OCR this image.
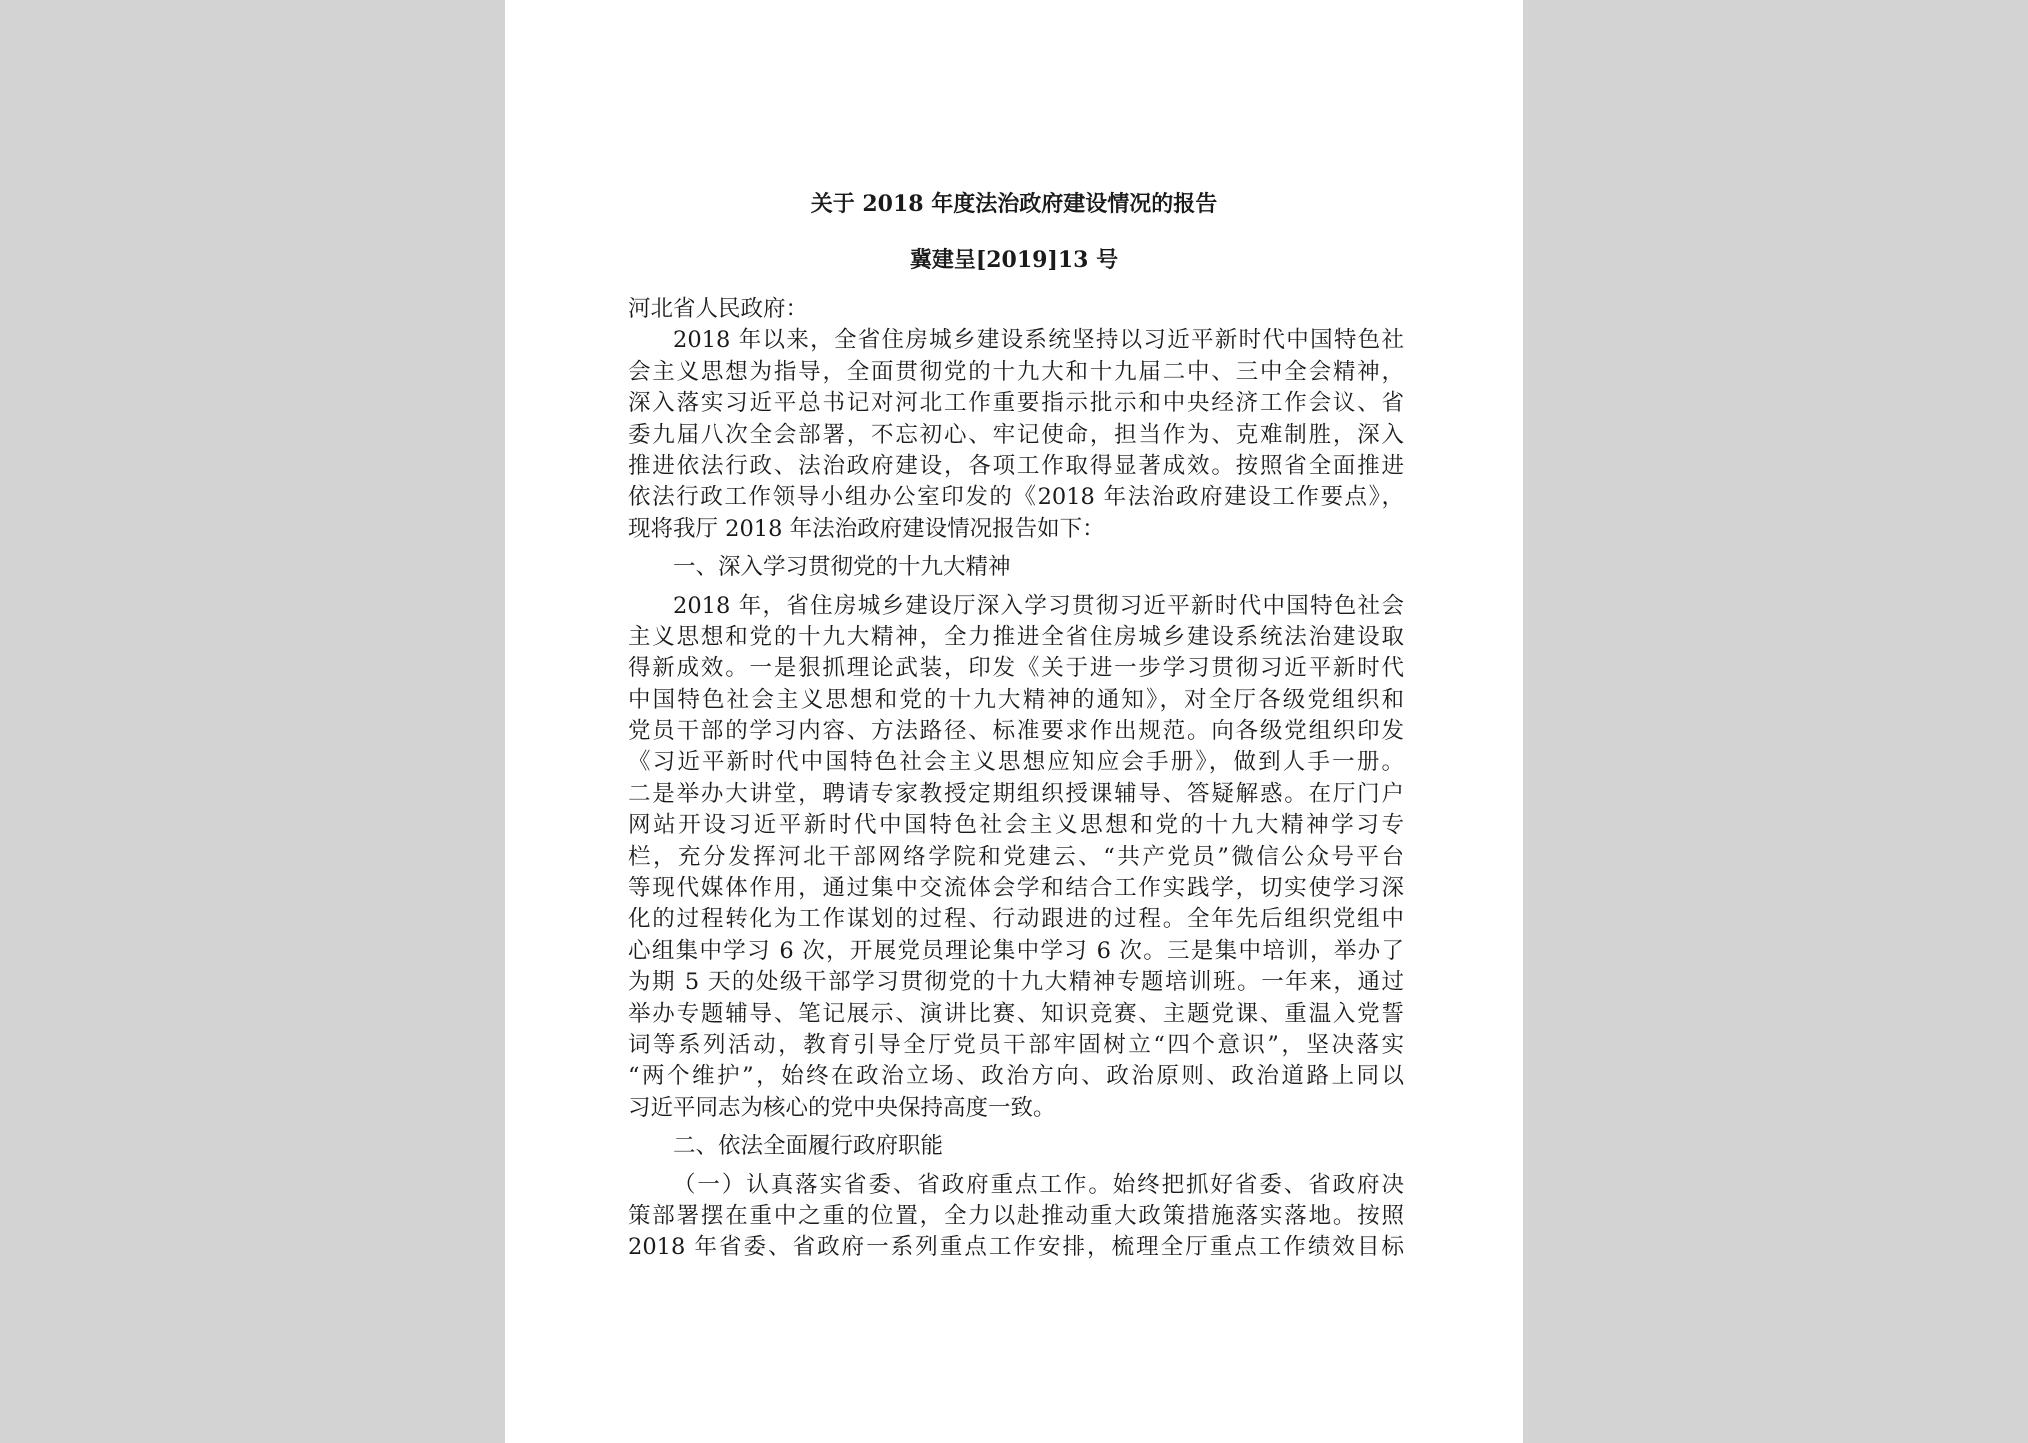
关于 2018 年度法治政府建设情况的报告
冀建呈[2019]13 号
河北省人民政府：
2018 年以来，全省住房城乡建设系统坚持以习近平新时代中国特色社
会主义思想为指导，全面贯彻党的十九大和十九届二中、三中全会精神，
深入落实习近平总书记对河北工作重要指示批示和中央经济工作会议、省
委九届八次全会部署，不忘初心、牢记使命，担当作为、克难制胜，深入
推进依法行政、法治政府建设，各项工作取得显著成效。按照省全面推进
依法行政工作领导小组办公室印发的《2018 年法治政府建设工作要点》，
现将我厅 2018 年法治政府建设情况报告如下：
一、深入学习贯彻党的十九大精神
2018 年，省住房城乡建设厅深入学习贯彻习近平新时代中国特色社会
主义思想和党的十九大精神，全力推进全省住房城乡建设系统法治建设取
得新成效。一是狠抓理论武装，印发《关于进一步学习贯彻习近平新时代
中国特色社会主义思想和党的十九大精神的通知》，对全厅各级党组织和
党员干部的学习内容、方法路径、标准要求作出规范。向各级党组织印发
《习近平新时代中国特色社会主义思想应知应会手册》，做到人手一册。
二是举办大讲堂，聘请专家教授定期组织授课辅导、答疑解惑。在厅门户
网站开设习近平新时代中国特色社会主义思想和党的十九大精神学习专
栏，充分发挥河北干部网络学院和党建云、“共产党员”微信公众号平台
等现代媒体作用，通过集中交流体会学和结合工作实践学，切实使学习深
化的过程转化为工作谋划的过程、行动跟进的过程。全年先后组织党组中
心组集中学习 6 次，开展党员理论集中学习 6 次。三是集中培训，举办了
为期 5 天的处级干部学习贯彻党的十九大精神专题培训班。一年来，通过
举办专题辅导、笔记展示、演讲比赛、知识竞赛、主题党课、重温入党誓
词等系列活动，教育引导全厅党员干部牢固树立“四个意识”，坚决落实
“两个维护”，始终在政治立场、政治方向、政治原则、政治道路上同以
习近平同志为核心的党中央保持高度一致。
二、依法全面履行政府职能
（一）认真落实省委、省政府重点工作。始终把抓好省委、省政府决
策部署摆在重中之重的位置，全力以赴推动重大政策措施落实落地。按照
2018 年省委、省政府一系列重点工作安排，梳理全厅重点工作绩效目标
